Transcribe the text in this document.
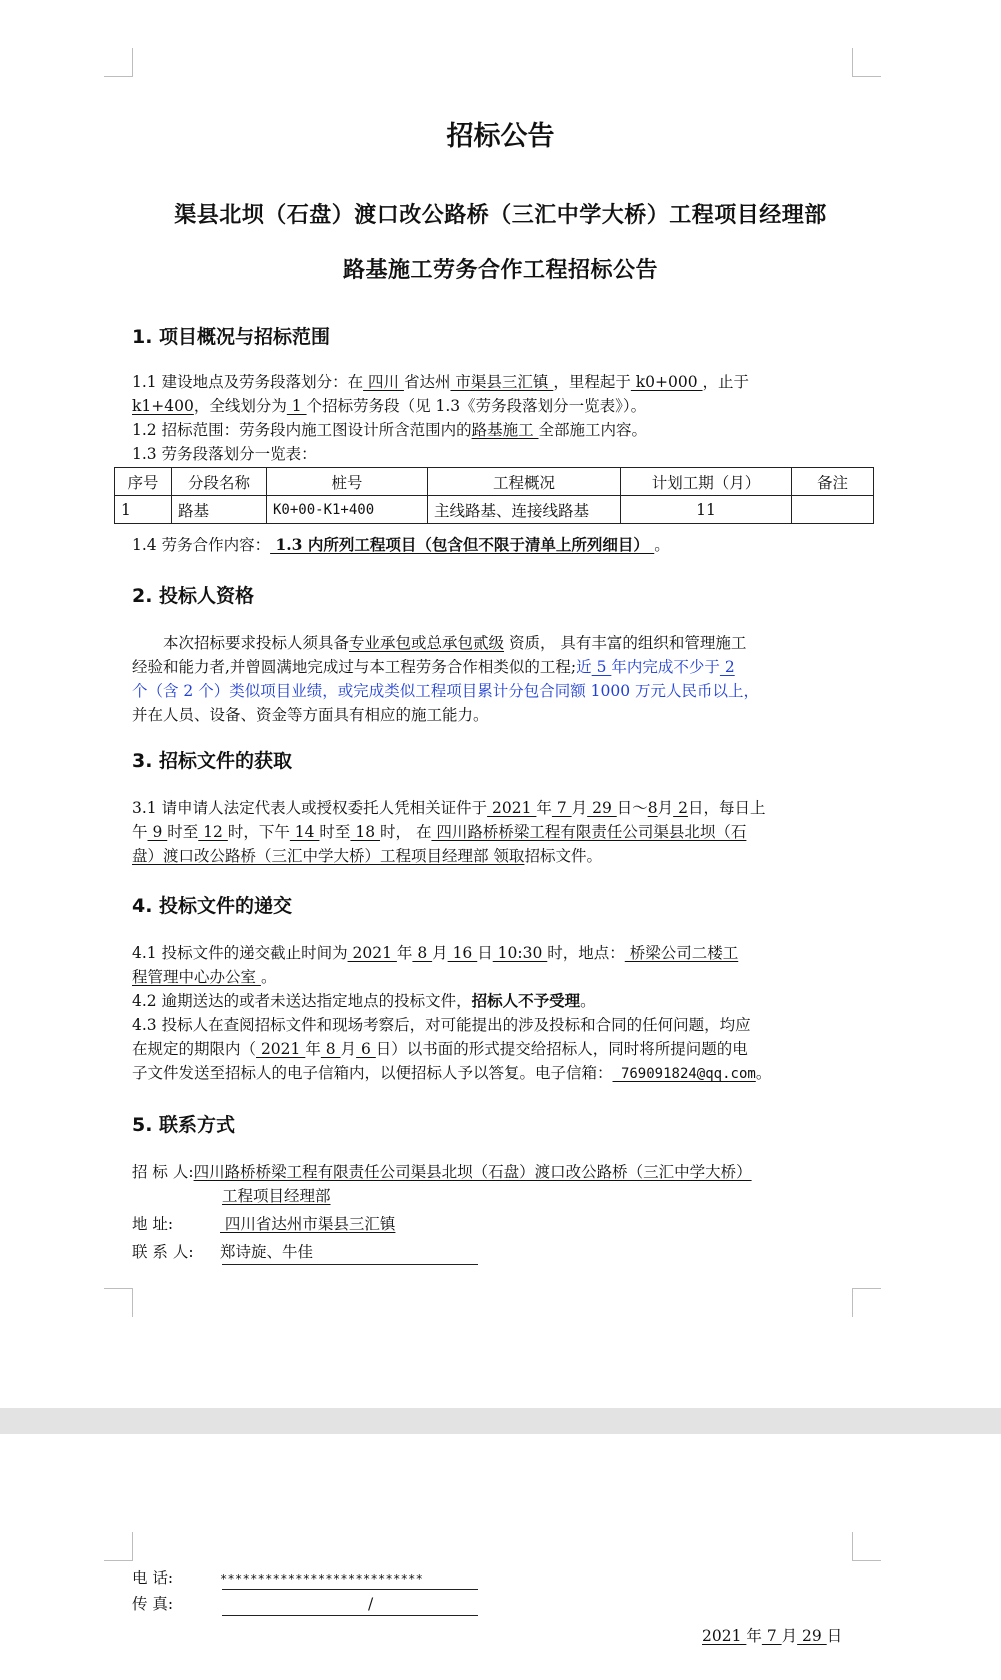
招标公告
渠县北坝（石盘）渡口改公路桥（三汇中学大桥）工程项目经理部
路基施工劳务合作工程招标公告
1. 项目概况与招标范围
1.1 建设地点及劳务段落划分：在 四川 省达州 市渠县三汇镇 ，里程起于 k0+000 ，止于
k1+400，全线划分为 1 个招标劳务段（见 1.3《劳务段落划分一览表》）。
1.2 招标范围：劳务段内施工图设计所含范围内的路基施工 全部施工内容。
1.3 劳务段落划分一览表：
序号	分段名称	桩号	工程概况	计划工期（月）	备注
1	路基	K0+00-K1+400	主线路基、连接线路基	11	
1.4 劳务合作内容： 1.3 内所列工程项目（包含但不限于清单上所列细目） 。
2. 投标人资格
本次招标要求投标人须具备专业承包或总承包贰级 资质， 具有丰富的组织和管理施工
经验和能力者,并曾圆满地完成过与本工程劳务合作相类似的工程;近 5 年内完成不少于 2
个（含 2 个）类似项目业绩，或完成类似工程项目累计分包合同额 1000 万元人民币以上，
并在人员、设备、资金等方面具有相应的施工能力。
3. 招标文件的获取
3.1 请申请人法定代表人或授权委托人凭相关证件于 2021 年 7 月 29 日～8月 2日，每日上
午 9 时至 12 时，下午 14 时至 18 时， 在 四川路桥桥梁工程有限责任公司渠县北坝（石
盘）渡口改公路桥（三汇中学大桥）工程项目经理部 领取招标文件。
4. 投标文件的递交
4.1 投标文件的递交截止时间为 2021 年 8 月 16 日 10:30 时，地点： 桥梁公司二楼工
程管理中心办公室 。
4.2 逾期送达的或者未送达指定地点的投标文件，招标人不予受理。
4.3 投标人在查阅招标文件和现场考察后，对可能提出的涉及投标和合同的任何问题，均应
在规定的期限内（ 2021 年 8 月 6 日）以书面的形式提交给招标人，同时将所提问题的电
子文件发送至招标人的电子信箱内，以便招标人予以答复。电子信箱： 769091824@qq.com。
5. 联系方式
招 标 人:四川路桥桥梁工程有限责任公司渠县北坝（石盘）渡口改公路桥（三汇中学大桥）
工程项目经理部
地 址:	四川省达州市渠县三汇镇
联 系 人: 郑诗旋、牛佳
电 话:	***************************
传 真:	/
2021 年 7 月 29 日
